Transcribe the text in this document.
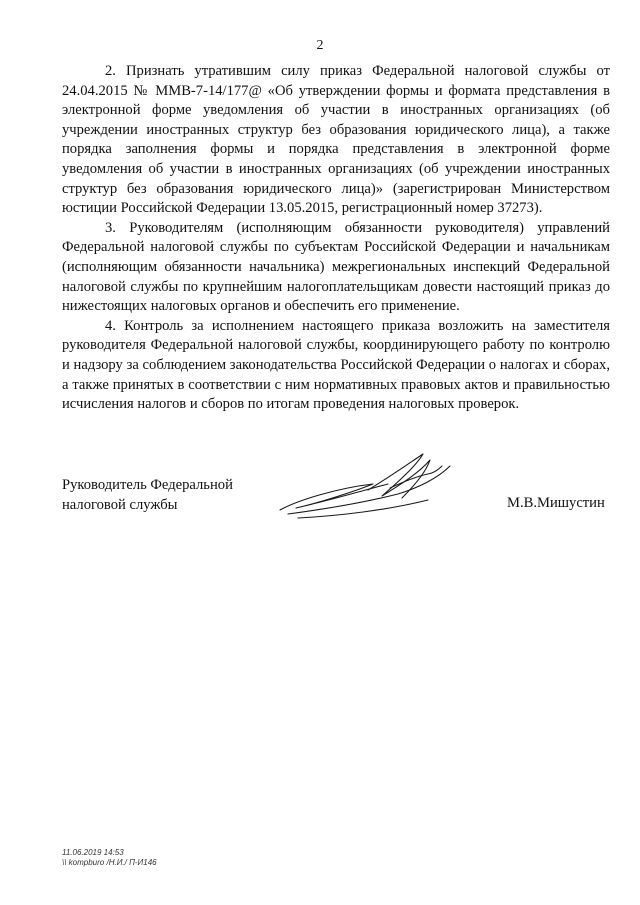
2

2. Признать утратившим силу приказ Федеральной налоговой службы от 24.04.2015 № ММВ-7-14/177@ «Об утверждении формы и формата представления в электронной форме уведомления об участии в иностранных организациях (об учреждении иностранных структур без образования юридического лица), а также порядка заполнения формы и порядка представления в электронной форме уведомления об участии в иностранных организациях (об учреждении иностранных структур без образования юридического лица)» (зарегистрирован Министерством юстиции Российской Федерации 13.05.2015, регистрационный номер 37273).

3. Руководителям (исполняющим обязанности руководителя) управлений Федеральной налоговой службы по субъектам Российской Федерации и начальникам (исполняющим обязанности начальника) межрегиональных инспекций Федеральной налоговой службы по крупнейшим налогоплательщикам довести настоящий приказ до нижестоящих налоговых органов и обеспечить его применение.

4. Контроль за исполнением настоящего приказа возложить на заместителя руководителя Федеральной налоговой службы, координирующего работу по контролю и надзору за соблюдением законодательства Российской Федерации о налогах и сборах, а также принятых в соответствии с ним нормативных правовых актов и правильностью исчисления налогов и сборов по итогам проведения налоговых проверок.

Руководитель Федеральной
налоговой службы	М.В.Мишустин
11.06.2019 14:53
\\ kompburo /Н.И./ П-И146
